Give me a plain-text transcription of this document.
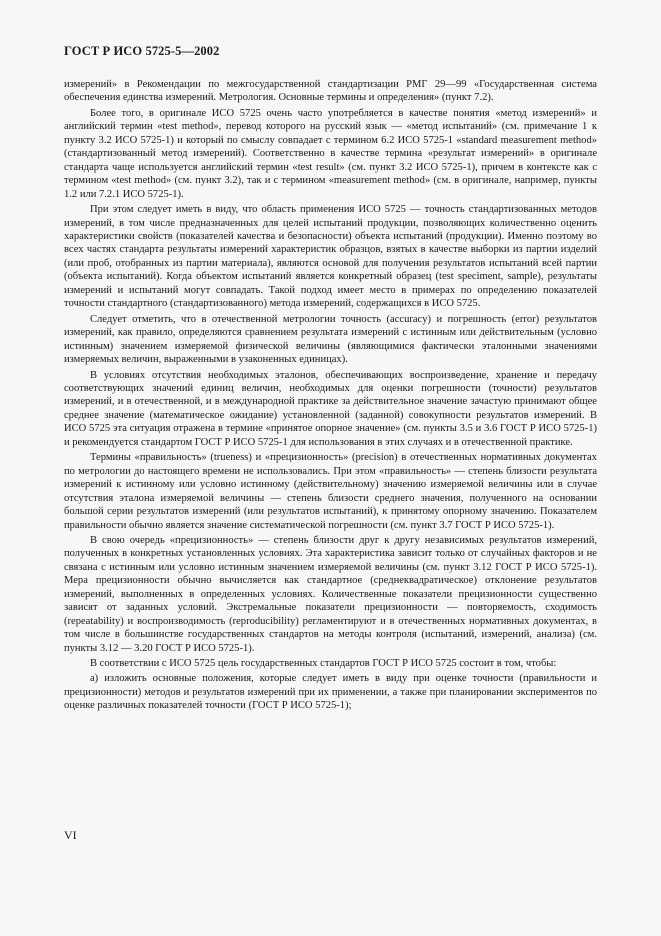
ГОСТ Р ИСО 5725-5—2002

измерений» в Рекомендации по межгосударственной стандартизации РМГ 29—99 «Государственная система обеспечения единства измерений. Метрология. Основные термины и определения» (пункт 7.2).

Более того, в оригинале ИСО 5725 очень часто употребляется в качестве понятия «метод измерений» и английский термин «test method», перевод которого на русский язык — «метод испытаний» (см. примечание 1 к пункту 3.2 ИСО 5725-1) и который по смыслу совпадает с термином 6.2 ИСО 5725-1 «standard measurement method» (стандартизованный метод измерений). Соответственно в качестве термина «результат измерений» в оригинале стандарта чаще используется английский термин «test result» (см. пункт 3.2 ИСО 5725-1), причем в контексте как с термином «test method» (см. пункт 3.2), так и с термином «measurement method» (см. в оригинале, например, пункты 1.2 или 7.2.1 ИСО 5725-1).

При этом следует иметь в виду, что область применения ИСО 5725 — точность стандартизованных методов измерений, в том числе предназначенных для целей испытаний продукции, позволяющих количественно оценить характеристики свойств (показателей качества и безопасности) объекта испытаний (продукции). Именно поэтому во всех частях стандарта результаты измерений характеристик образцов, взятых в качестве выборки из партии изделий (или проб, отобранных из партии материала), являются основой для получения результатов испытаний всей партии (объекта испытаний). Когда объектом испытаний является конкретный образец (test speciment, sample), результаты измерений и испытаний могут совпадать. Такой подход имеет место в примерах по определению показателей точности стандартного (стандартизованного) метода измерений, содержащихся в ИСО 5725.

Следует отметить, что в отечественной метрологии точность (accuracy) и погрешность (error) результатов измерений, как правило, определяются сравнением результата измерений с истинным или действительным (условно истинным) значением измеряемой физической величины (являющимися фактически эталонными значениями измеряемых величин, выраженными в узаконенных единицах).

В условиях отсутствия необходимых эталонов, обеспечивающих воспроизведение, хранение и передачу соответствующих значений единиц величин, необходимых для оценки погрешности (точности) результатов измерений, и в отечественной, и в международной практике за действительное значение зачастую принимают общее среднее значение (математическое ожидание) установленной (заданной) совокупности результатов измерений. В ИСО 5725 эта ситуация отражена в термине «принятое опорное значение» (см. пункты 3.5 и 3.6 ГОСТ Р ИСО 5725-1) и рекомендуется стандартом ГОСТ Р ИСО 5725-1 для использования в этих случаях и в отечественной практике.

Термины «правильность» (trueness) и «прецизионность» (precision) в отечественных нормативных документах по метрологии до настоящего времени не использовались. При этом «правильность» — степень близости результата измерений к истинному или условно истинному (действительному) значению измеряемой величины или в случае отсутствия эталона измеряемой величины — степень близости среднего значения, полученного на основании большой серии результатов измерений (или результатов испытаний), к принятому опорному значению. Показателем правильности обычно является значение систематической погрешности (см. пункт 3.7 ГОСТ Р ИСО 5725-1).

В свою очередь «прецизионность» — степень близости друг к другу независимых результатов измерений, полученных в конкретных установленных условиях. Эта характеристика зависит только от случайных факторов и не связана с истинным или условно истинным значением измеряемой величины (см. пункт 3.12 ГОСТ Р ИСО 5725-1). Мера прецизионности обычно вычисляется как стандартное (среднеквадратическое) отклонение результатов измерений, выполненных в определенных условиях. Количественные показатели прецизионности существенно зависят от заданных условий. Экстремальные показатели прецизионности — повторяемость, сходимость (repeatability) и воспроизводимость (reproducibility) регламентируют и в отечественных нормативных документах, в том числе в большинстве государственных стандартов на методы контроля (испытаний, измерений, анализа) (см. пункты 3.12 — 3.20 ГОСТ Р ИСО 5725-1).

В соответствии с ИСО 5725 цель государственных стандартов ГОСТ Р ИСО 5725 состоит в том, чтобы:

а) изложить основные положения, которые следует иметь в виду при оценке точности (правильности и прецизионности) методов и результатов измерений при их применении, а также при планировании экспериментов по оценке различных показателей точности (ГОСТ Р ИСО 5725-1);

VI
